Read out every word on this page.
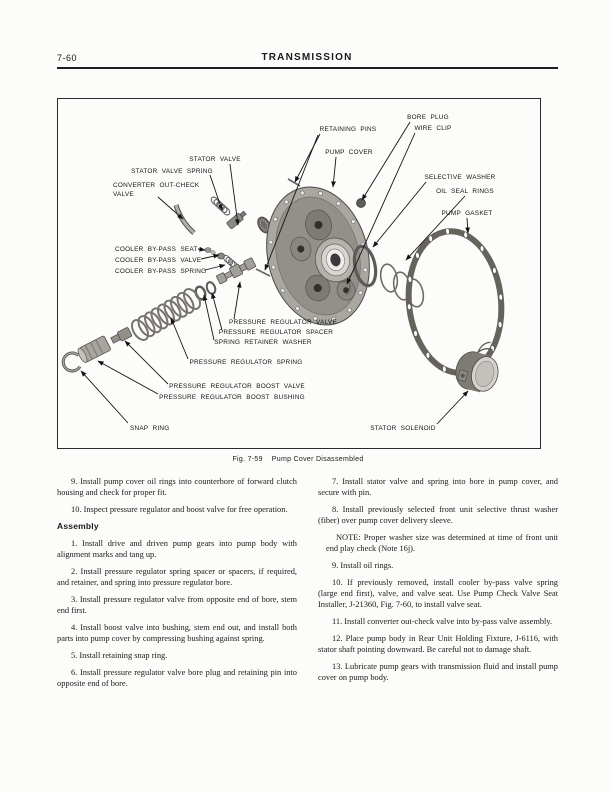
7-60	TRANSMISSION
RETAINING PINS
BORE PLUG
WIRE CLIP
PUMP COVER
STATOR VALVE
STATOR VALVE SPRING
CONVERTER OUT-CHECK
VALVE
SELECTIVE WASHER
OIL SEAL RINGS
PUMP GASKET
COOLER BY-PASS SEAT
COOLER BY-PASS VALVE
COOLER BY-PASS SPRING
PRESSURE REGULATOR VALVE
PRESSURE REGULATOR SPACER
SPRING RETAINER WASHER
PRESSURE REGULATOR SPRING
PRESSURE REGULATOR BOOST VALVE
PRESSURE REGULATOR BOOST BUSHING
SNAP RING	STATOR SOLENOID
Fig. 7-59 Pump Cover Disassembled

9. Install pump cover oil rings into counterbore of forward clutch housing and check for proper fit.

10. Inspect pressure regulator and boost valve for free operation.

Assembly

1. Install drive and driven pump gears into pump body with alignment marks and tang up.

2. Install pressure regulator spring spacer or spacers, if required, and retainer, and spring into pressure regulator bore.

3. Install pressure regulator valve from opposite end of bore, stem end first.

4. Install boost valve into bushing, stem end out, and install both parts into pump cover by compressing bushing against spring.

5. Install retaining snap ring.

6. Install pressure regulator valve bore plug and retaining pin into opposite end of bore.

7. Install stator valve and spring into bore in pump cover, and secure with pin.

8. Install previously selected front unit selective thrust washer (fiber) over pump cover delivery sleeve.

NOTE: Proper washer size was determined at time of front unit end play check (Note 16j).

9. Install oil rings.

10. If previously removed, install cooler by-pass valve spring (large end first), valve, and valve seat. Use Pump Check Valve Seat Installer, J-21360, Fig. 7-60, to install valve seat.

11. Install converter out-check valve into by-pass valve assembly.

12. Place pump body in Rear Unit Holding Fixture, J-6116, with stator shaft pointing downward. Be careful not to damage shaft.

13. Lubricate pump gears with transmission fluid and install pump cover on pump body.
